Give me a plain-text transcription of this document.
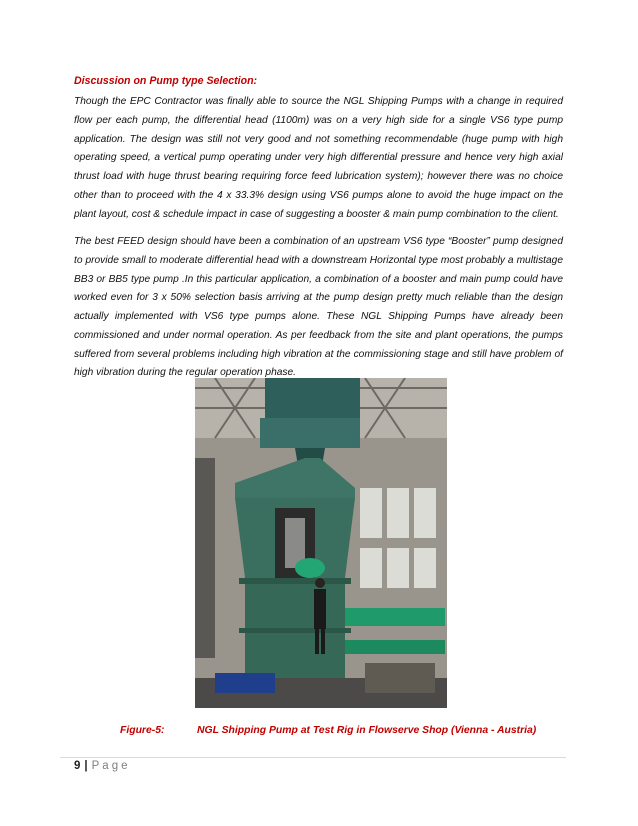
Discussion on Pump type Selection:

Though the EPC Contractor was finally able to source the NGL Shipping Pumps with a change in required flow per each pump, the differential head (1100m) was on a very high side for a single VS6 type pump application. The design was still not very good and not something recommendable (huge pump with high operating speed, a vertical pump operating under very high differential pressure and hence very high axial thrust load with huge thrust bearing requiring force feed lubrication system); however there was no choice other than to proceed with the 4 x 33.3% design using VS6 pumps alone to avoid the huge impact on the plant layout, cost & schedule impact in case of suggesting a booster & main pump combination to the client.

The best FEED design should have been a combination of an upstream VS6 type “Booster” pump designed to provide small to moderate differential head with a downstream Horizontal type most probably a multistage BB3 or BB5 type pump .In this particular application, a combination of a booster and main pump could have worked even for 3 x 50% selection basis arriving at the pump design pretty much reliable than the design actually implemented with VS6 type pumps alone. These NGL Shipping Pumps have already been commissioned and under normal operation. As per feedback from the site and plant operations, the pumps suffered from several problems including high vibration at the commissioning stage and still have problem of high vibration during the regular operation phase.

Figure-5:	NGL Shipping Pump at Test Rig in Flowserve Shop (Vienna - Austria)
9 | Page
